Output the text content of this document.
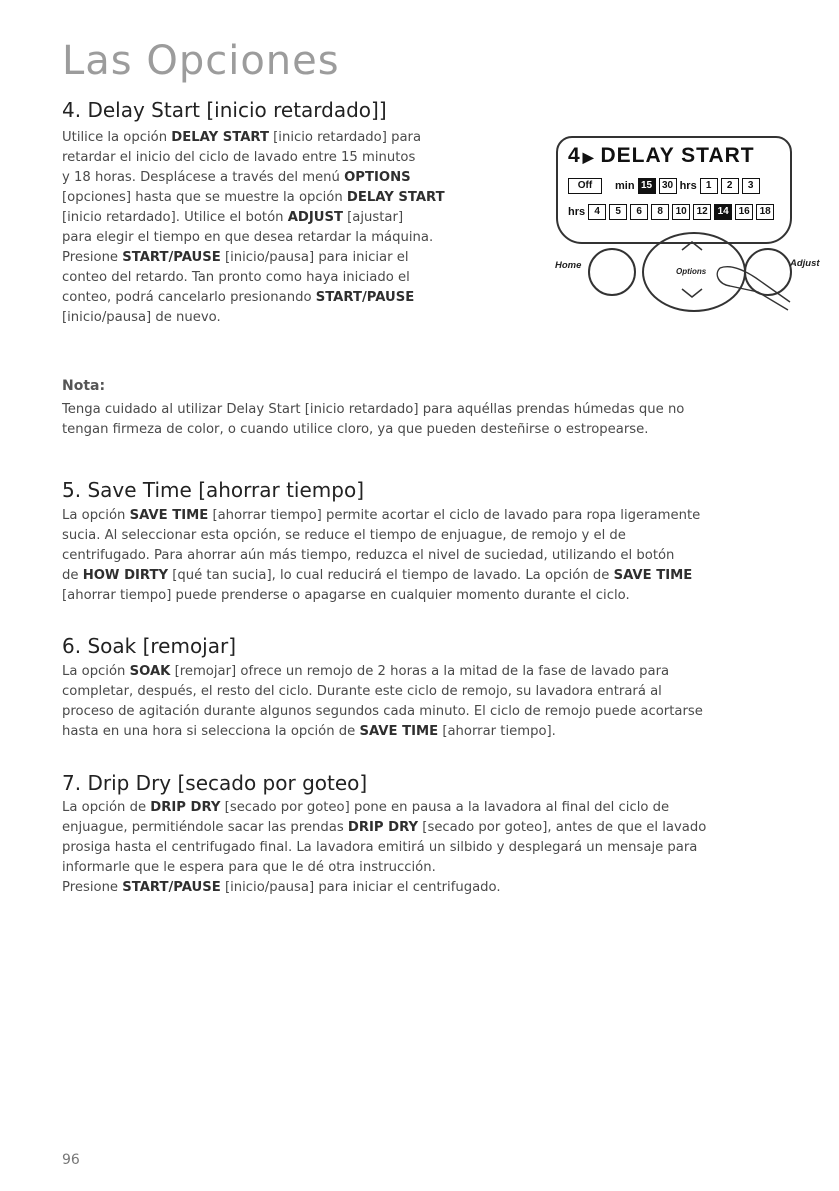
Las Opciones
4. Delay Start [inicio retardado]]

Utilice la opción DELAY START [inicio retardado] para

retardar el inicio del ciclo de lavado entre 15 minutos

y 18 horas. Desplácese a través del menú OPTIONS

[opciones] hasta que se muestre la opción DELAY START

[inicio retardado]. Utilice el botón ADJUST [ajustar]

para elegir el tiempo en que desea retardar la máquina.

Presione START/PAUSE [inicio/pausa] para iniciar el

conteo del retardo. Tan pronto como haya iniciado el

conteo, podrá cancelarlo presionando START/PAUSE

[inicio/pausa] de nuevo.

4 ▶ DELAY START
Off	min 15 30 hrs 1	2	3
hrs 4	5	6	8	10 12 14 16 18
Home
Options
Adjust
Nota:

Tenga cuidado al utilizar Delay Start [inicio retardado] para aquéllas prendas húmedas que no

tengan firmeza de color, o cuando utilice cloro, ya que pueden desteñirse o estropearse.

5. Save Time [ahorrar tiempo]

La opción SAVE TIME [ahorrar tiempo] permite acortar el ciclo de lavado para ropa ligeramente

sucia. Al seleccionar esta opción, se reduce el tiempo de enjuague, de remojo y el de

centrifugado. Para ahorrar aún más tiempo, reduzca el nivel de suciedad, utilizando el botón

de HOW DIRTY [qué tan sucia], lo cual reducirá el tiempo de lavado. La opción de SAVE TIME

[ahorrar tiempo] puede prenderse o apagarse en cualquier momento durante el ciclo.

6. Soak [remojar]

La opción SOAK [remojar] ofrece un remojo de 2 horas a la mitad de la fase de lavado para

completar, después, el resto del ciclo. Durante este ciclo de remojo, su lavadora entrará al

proceso de agitación durante algunos segundos cada minuto. El ciclo de remojo puede acortarse

hasta en una hora si selecciona la opción de SAVE TIME [ahorrar tiempo].

7. Drip Dry [secado por goteo]

La opción de DRIP DRY [secado por goteo] pone en pausa a la lavadora al final del ciclo de

enjuague, permitiéndole sacar las prendas DRIP DRY [secado por goteo], antes de que el lavado

prosiga hasta el centrifugado final. La lavadora emitirá un silbido y desplegará un mensaje para

informarle que le espera para que le dé otra instrucción.

Presione START/PAUSE [inicio/pausa] para iniciar el centrifugado.

96
